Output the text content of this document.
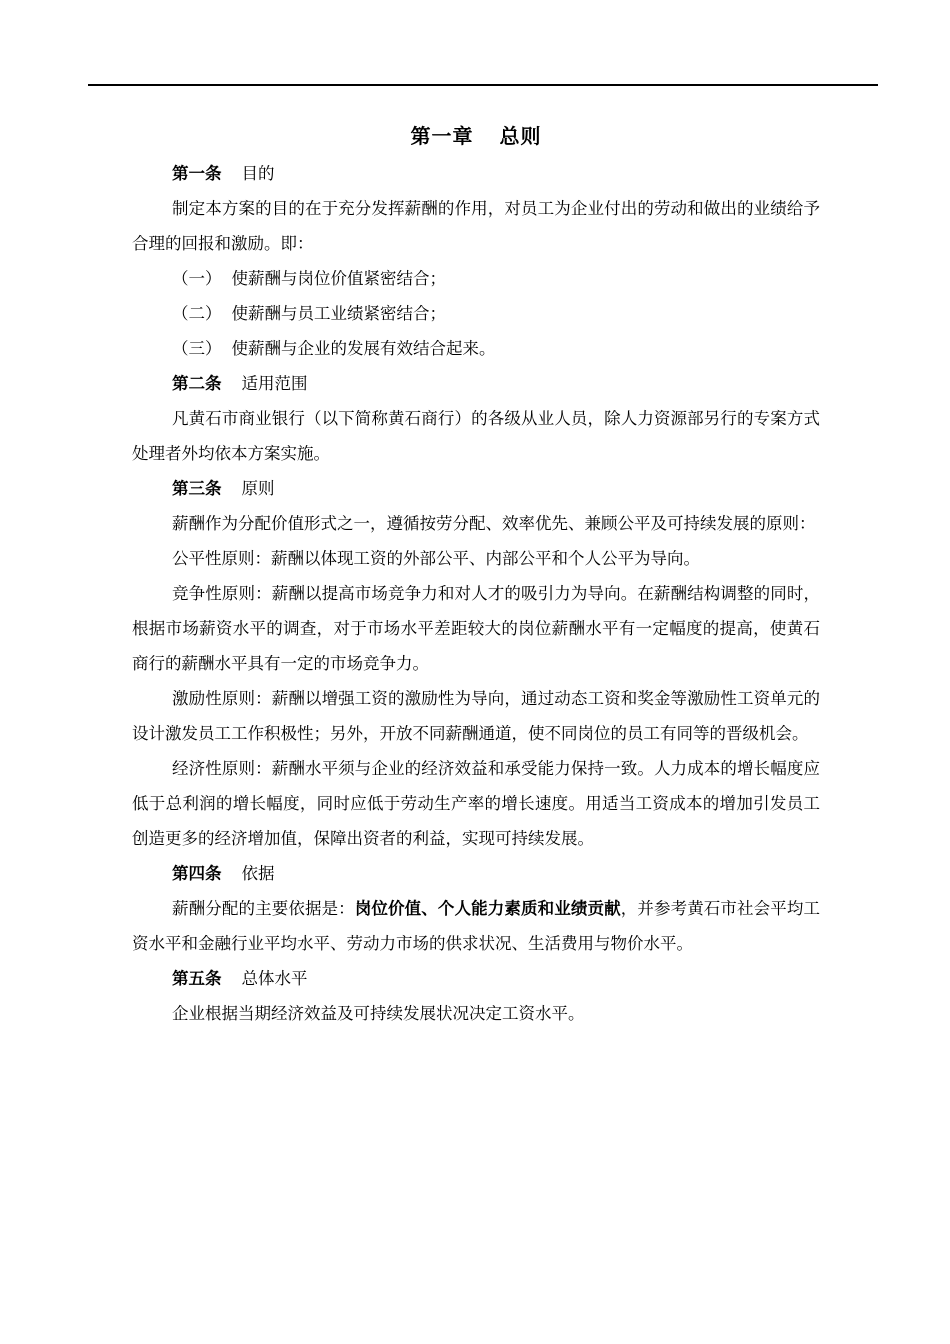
第一章 总则
第一条 目的

制定本方案的目的在于充分发挥薪酬的作用，对员工为企业付出的劳动和做出的业绩给予合理的回报和激励。即：

（一） 使薪酬与岗位价值紧密结合；
（二） 使薪酬与员工业绩紧密结合；
（三） 使薪酬与企业的发展有效结合起来。
第二条 适用范围

凡黄石市商业银行（以下简称黄石商行）的各级从业人员，除人力资源部另行的专案方式处理者外均依本方案实施。

第三条 原则

薪酬作为分配价值形式之一，遵循按劳分配、效率优先、兼顾公平及可持续发展的原则：

公平性原则：薪酬以体现工资的外部公平、内部公平和个人公平为导向。

竞争性原则：薪酬以提高市场竞争力和对人才的吸引力为导向。在薪酬结构调整的同时，根据市场薪资水平的调查，对于市场水平差距较大的岗位薪酬水平有一定幅度的提高，使黄石商行的薪酬水平具有一定的市场竞争力。

激励性原则：薪酬以增强工资的激励性为导向，通过动态工资和奖金等激励性工资单元的设计激发员工工作积极性；另外，开放不同薪酬通道，使不同岗位的员工有同等的晋级机会。

经济性原则：薪酬水平须与企业的经济效益和承受能力保持一致。人力成本的增长幅度应低于总利润的增长幅度，同时应低于劳动生产率的增长速度。用适当工资成本的增加引发员工创造更多的经济增加值，保障出资者的利益，实现可持续发展。

第四条 依据

薪酬分配的主要依据是：岗位价值、个人能力素质和业绩贡献，并参考黄石市社会平均工资水平和金融行业平均水平、劳动力市场的供求状况、生活费用与物价水平。

第五条 总体水平

企业根据当期经济效益及可持续发展状况决定工资水平。
